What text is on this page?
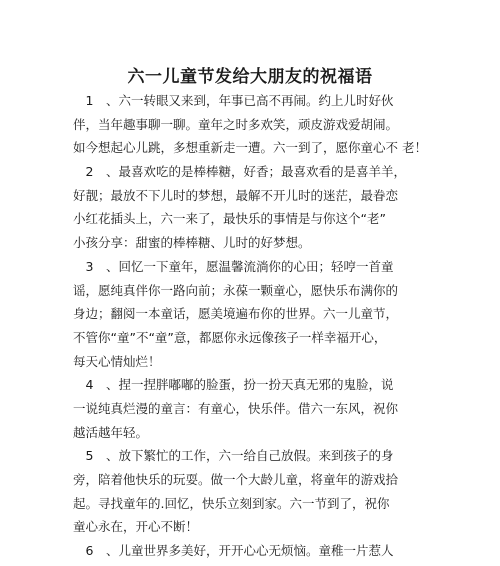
六一儿童节发给大朋友的祝福语
　1　、六一转眼又来到，年事已高不再闹。约上儿时好伙
伴，当年趣事聊一聊。童年之时多欢笑，顽皮游戏爱胡闹。
如今想起心儿跳，多想重新走一遭。六一到了，愿你童心不 老！
　2　、最喜欢吃的是棒棒糖，好香；最喜欢看的是喜羊羊，
好靓；最放不下儿时的梦想，最解不开儿时的迷茫，最眷恋
小红花插头上，六一来了，最快乐的事情是与你这个“老”
小孩分享：甜蜜的棒棒糖、儿时的好梦想。
　3　、回忆一下童年，愿温馨流淌你的心田；轻哼一首童
谣，愿纯真伴你一路向前；永葆一颗童心，愿快乐布满你的
身边；翻阅一本童话，愿美境遍布你的世界。六一儿童节，
不管你“童”不“童”意，都愿你永远像孩子一样幸福开心，
每天心情灿烂！
　4　、捏一捏胖嘟嘟的脸蛋，扮一扮天真无邪的鬼脸，说
一说纯真烂漫的童言：有童心，快乐伴。借六一东风，祝你
越活越年轻。
　5　、放下繁忙的工作，六一给自己放假。来到孩子的身
旁，陪着他快乐的玩耍。做一个大龄儿童，将童年的游戏拾
起。寻找童年的.回忆，快乐立刻到家。六一节到了，祝你
童心永在，开心不断！
　6　、儿童世界多美好，开开心心无烦恼。童稚一片惹人
